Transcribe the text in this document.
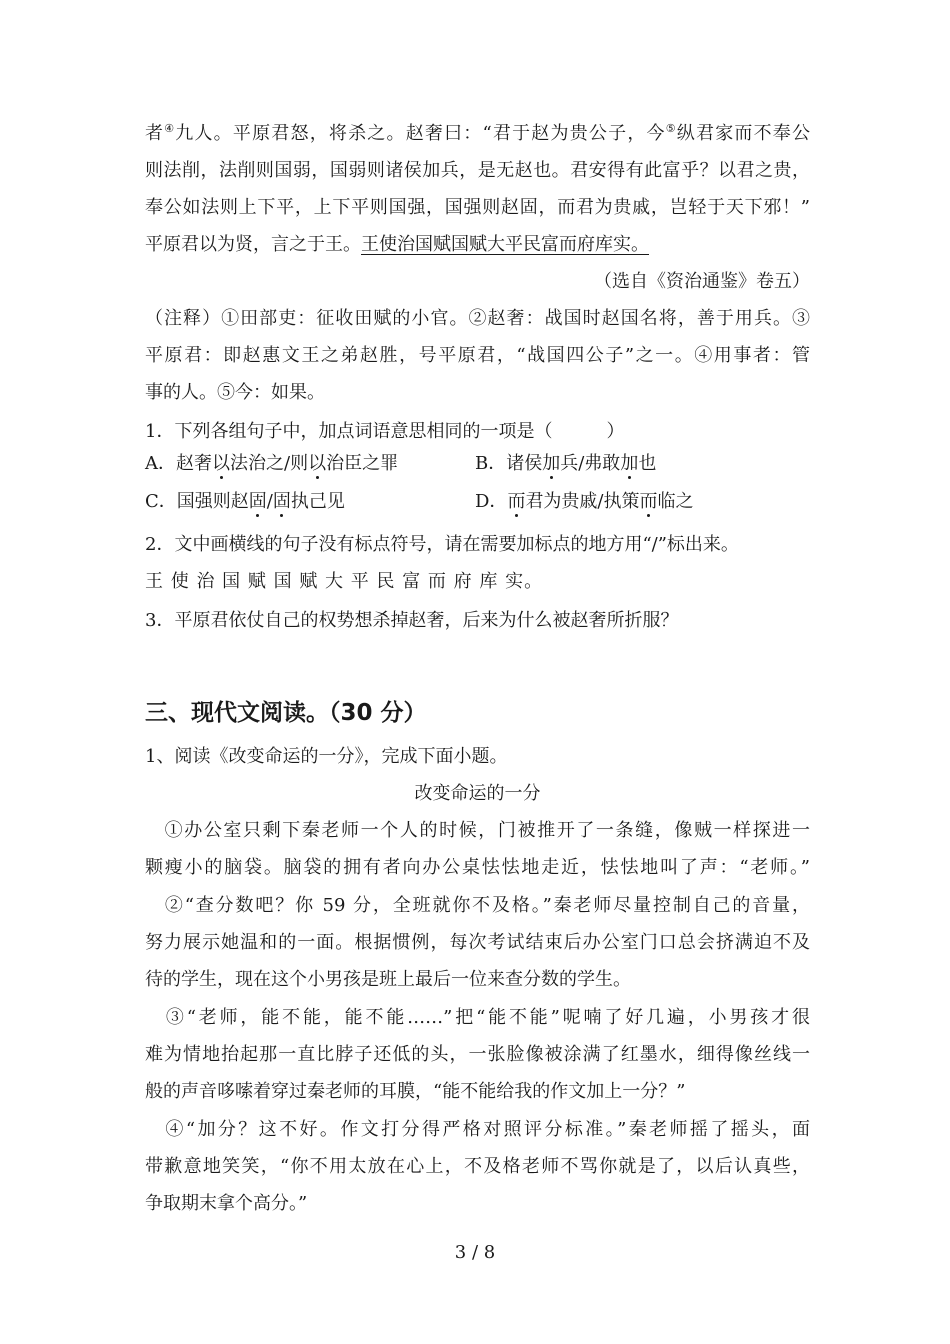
者④九人。平原君怒，将杀之。赵奢曰：“君于赵为贵公子，今⑤纵君家而不奉公
则法削，法削则国弱，国弱则诸侯加兵，是无赵也。君安得有此富乎？以君之贵，
奉公如法则上下平，上下平则国强，国强则赵固，而君为贵戚，岂轻于天下邪！”
平原君以为贤，言之于王。王使治国赋国赋大平民富而府库实。
（选自《资治通鉴》卷五）
（注释）①田部吏：征收田赋的小官。②赵奢：战国时赵国名将，善于用兵。③
平原君：即赵惠文王之弟赵胜，号平原君，“战国四公子”之一。④用事者：管
事的人。⑤今：如果。
1．下列各组句子中，加点词语意思相同的一项是（　　　）
A．赵奢以法治之/则以治臣之罪	B．诸侯加兵/弗敢加也
C．国强则赵固/固执己见	D．而君为贵戚/执策而临之
2．文中画横线的句子没有标点符号，请在需要加标点的地方用“/”标出来。
王 使 治 国 赋 国 赋 大 平 民 富 而 府 库 实。
3．平原君依仗自己的权势想杀掉赵奢，后来为什么被赵奢所折服？
三、现代文阅读。（30 分）
1、阅读《改变命运的一分》，完成下面小题。
改变命运的一分
　①办公室只剩下秦老师一个人的时候，门被推开了一条缝，像贼一样探进一
颗瘦小的脑袋。脑袋的拥有者向办公桌怯怯地走近，怯怯地叫了声：“老师。”
　②“查分数吧？你 59 分，全班就你不及格。”秦老师尽量控制自己的音量，
努力展示她温和的一面。根据惯例，每次考试结束后办公室门口总会挤满迫不及
待的学生，现在这个小男孩是班上最后一位来查分数的学生。
　③“老师，能不能，能不能……”把“能不能”呢喃了好几遍，小男孩才很
难为情地抬起那一直比脖子还低的头，一张脸像被涂满了红墨水，细得像丝线一
般的声音哆嗦着穿过秦老师的耳膜，“能不能给我的作文加上一分？”
　④“加分？这不好。作文打分得严格对照评分标准。”秦老师摇了摇头，面
带歉意地笑笑，“你不用太放在心上，不及格老师不骂你就是了，以后认真些，
争取期末拿个高分。”
3 / 8
